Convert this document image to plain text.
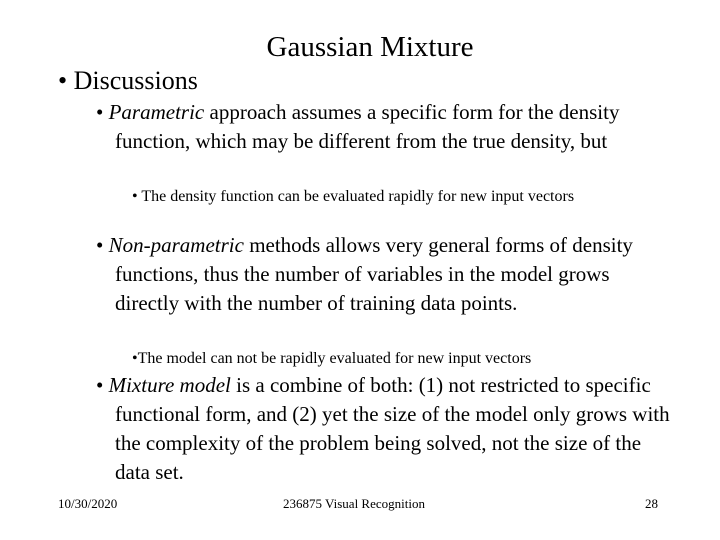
Gaussian Mixture
• Discussions
• Parametric approach assumes a specific form for the density function, which may be different from the true density, but
• The density function can be evaluated rapidly for new input vectors
• Non-parametric methods allows very general forms of density functions, thus the number of variables in the model grows directly with the number of training data points.
•The model can not be rapidly evaluated for new input vectors
• Mixture model is a combine of both: (1) not restricted to specific functional form, and (2) yet the size of the model only grows with the complexity of the problem being solved, not the size of the data set.
10/30/2020	236875 Visual Recognition	28
